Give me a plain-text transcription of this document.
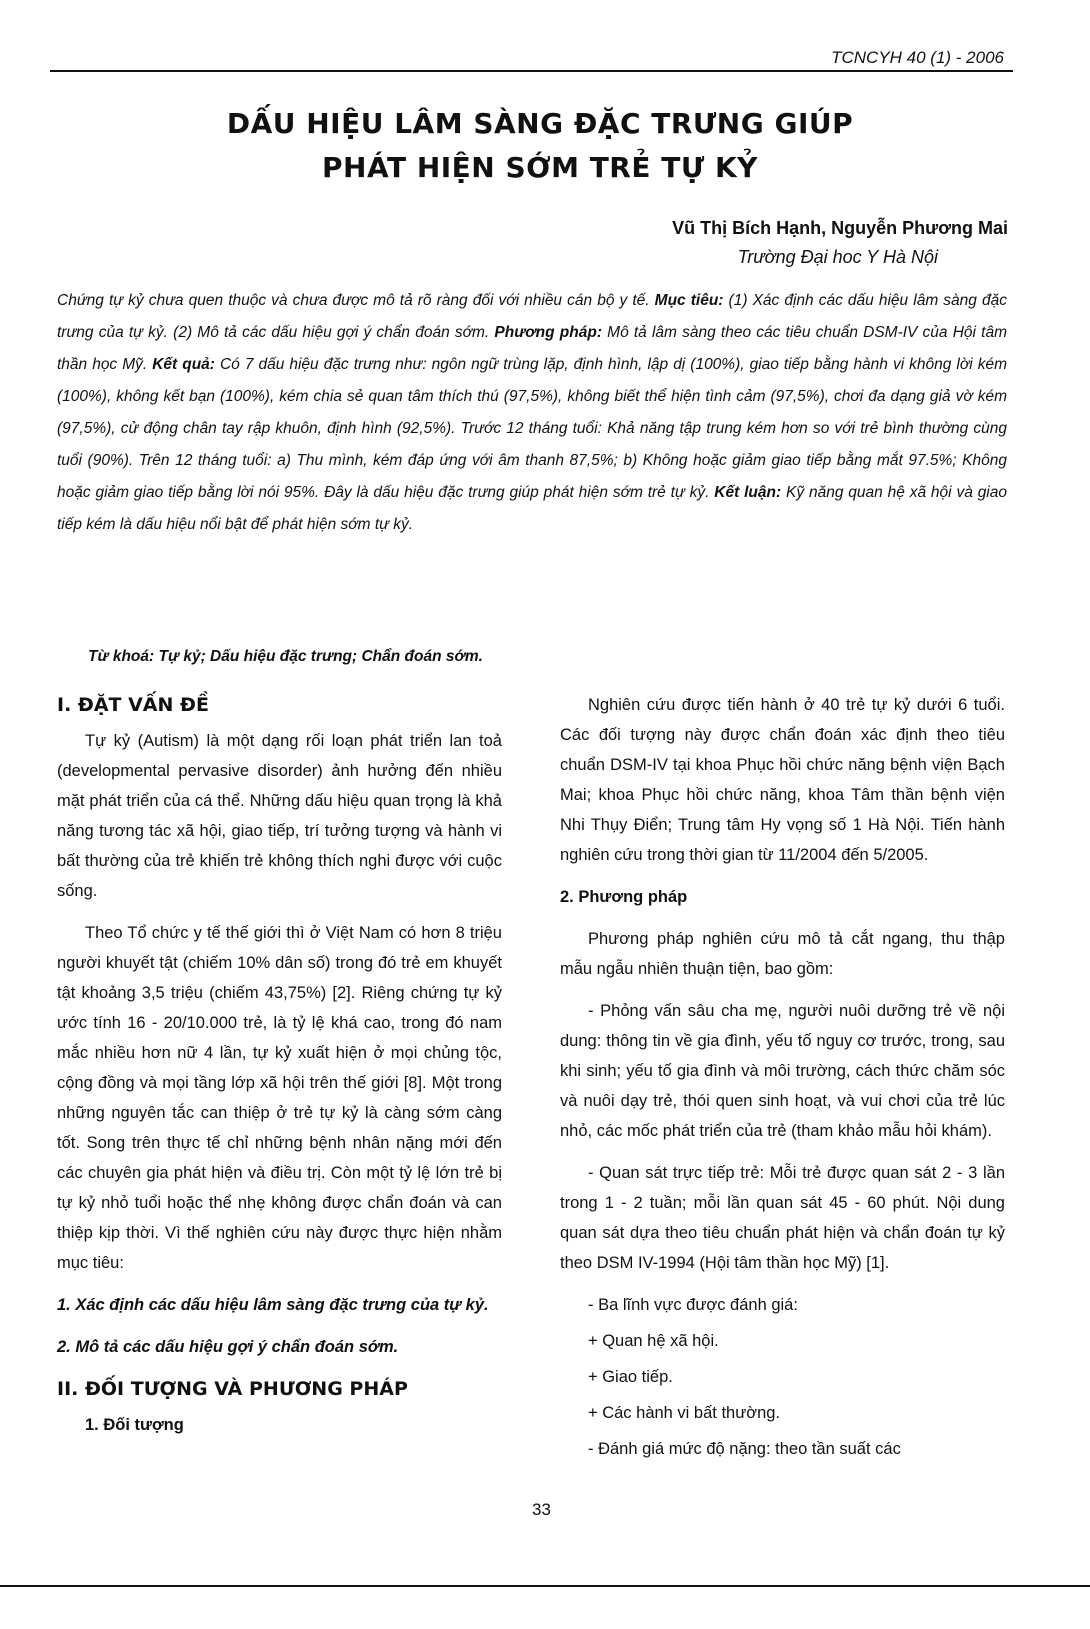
TCNCYH 40 (1) - 2006
DẤU HIỆU LÂM SÀNG ĐẶC TRƯNG GIÚP
PHÁT HIỆN SỚM TRẺ TỰ KỶ
Vũ Thị Bích Hạnh, Nguyễn Phương Mai
Trường Đại hoc Y Hà Nội
Chứng tự kỷ chưa quen thuộc và chưa được mô tả rõ ràng đối với nhiều cán bộ y tế. Mục tiêu: (1) Xác định các dấu hiệu lâm sàng đặc trưng của tự kỷ. (2) Mô tả các dấu hiệu gợi ý chẩn đoán sớm. Phương pháp: Mô tả lâm sàng theo các tiêu chuẩn DSM-IV của Hội tâm thần học Mỹ. Kết quả: Có 7 dấu hiệu đặc trưng như: ngôn ngữ trùng lặp, định hình, lập dị (100%), giao tiếp bằng hành vi không lời kém (100%), không kết bạn (100%), kém chia sẻ quan tâm thích thú (97,5%), không biết thể hiện tình cảm (97,5%), chơi đa dạng giả vờ kém (97,5%), cử động chân tay rập khuôn, định hình (92,5%). Trước 12 tháng tuổi: Khả năng tập trung kém hơn so với trẻ bình thường cùng tuổi (90%). Trên 12 tháng tuổi: a) Thu mình, kém đáp ứng với âm thanh 87,5%; b) Không hoặc giảm giao tiếp bằng mắt 97.5%; Không hoặc giảm giao tiếp bằng lời nói 95%. Đây là dấu hiệu đặc trưng giúp phát hiện sớm trẻ tự kỷ. Kết luận: Kỹ năng quan hệ xã hội và giao tiếp kém là dấu hiệu nổi bật để phát hiện sớm tự kỷ.
Từ khoá: Tự kỷ; Dấu hiệu đặc trưng; Chẩn đoán sớm.

I. ĐẶT VẤN ĐỀ

Tự kỷ (Autism) là một dạng rối loạn phát triển lan toả (developmental pervasive disorder) ảnh hưởng đến nhiều mặt phát triển của cá thể. Những dấu hiệu quan trọng là khả năng tương tác xã hội, giao tiếp, trí tưởng tượng và hành vi bất thường của trẻ khiến trẻ không thích nghi được với cuộc sống.

Theo Tổ chức y tế thế giới thì ở Việt Nam có hơn 8 triệu người khuyết tật (chiếm 10% dân số) trong đó trẻ em khuyết tật khoảng 3,5 triệu (chiếm 43,75%) [2]. Riêng chứng tự kỷ ước tính 16 - 20/10.000 trẻ, là tỷ lệ khá cao, trong đó nam mắc nhiều hơn nữ 4 lần, tự kỷ xuất hiện ở mọi chủng tộc, cộng đồng và mọi tầng lớp xã hội trên thế giới [8]. Một trong những nguyên tắc can thiệp ở trẻ tự kỷ là càng sớm càng tốt. Song trên thực tế chỉ những bệnh nhân nặng mới đến các chuyên gia phát hiện và điều trị. Còn một tỷ lệ lớn trẻ bị tự kỷ nhỏ tuổi hoặc thể nhẹ không được chẩn đoán và can thiệp kịp thời. Vì thế nghiên cứu này được thực hiện nhằm mục tiêu:

1. Xác định các dấu hiệu lâm sàng đặc trưng của tự kỷ.

2. Mô tả các dấu hiệu gợi ý chẩn đoán sớm.

II. ĐỐI TƯỢNG VÀ PHƯƠNG PHÁP

1. Đối tượng

Nghiên cứu được tiến hành ở 40 trẻ tự kỷ dưới 6 tuổi. Các đối tượng này được chẩn đoán xác định theo tiêu chuẩn DSM-IV tại khoa Phục hồi chức năng bệnh viện Bạch Mai; khoa Phục hồi chức năng, khoa Tâm thần bệnh viện Nhi Thụy Điển; Trung tâm Hy vọng số 1 Hà Nội. Tiến hành nghiên cứu trong thời gian từ 11/2004 đến 5/2005.

2. Phương pháp

Phương pháp nghiên cứu mô tả cắt ngang, thu thập mẫu ngẫu nhiên thuận tiện, bao gồm:

- Phỏng vấn sâu cha mẹ, người nuôi dưỡng trẻ về nội dung: thông tin về gia đình, yếu tố nguy cơ trước, trong, sau khi sinh; yếu tố gia đình và môi trường, cách thức chăm sóc và nuôi dạy trẻ, thói quen sinh hoạt, và vui chơi của trẻ lúc nhỏ, các mốc phát triển của trẻ (tham khảo mẫu hỏi khám).

- Quan sát trực tiếp trẻ: Mỗi trẻ được quan sát 2 - 3 lần trong 1 - 2 tuần; mỗi lần quan sát 45 - 60 phút. Nội dung quan sát dựa theo tiêu chuẩn phát hiện và chẩn đoán tự kỷ theo DSM IV-1994 (Hội tâm thần học Mỹ) [1].

- Ba lĩnh vực được đánh giá:

+ Quan hệ xã hội.

+ Giao tiếp.

+ Các hành vi bất thường.

- Đánh giá mức độ nặng: theo tần suất các

33
